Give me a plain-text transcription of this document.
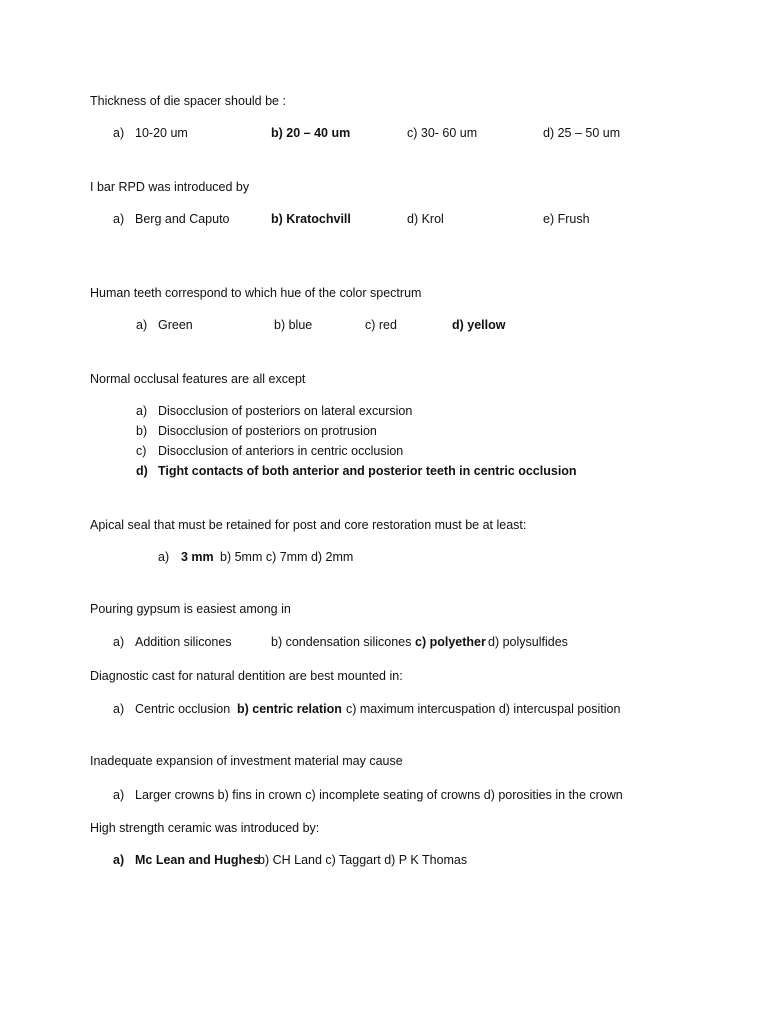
Thickness of die spacer should be :
a) 10-20 um	b) 20 – 40 um	c) 30- 60 um	d) 25 – 50 um
I bar RPD was introduced by
a) Berg and Caputo	b) Kratochvill	d) Krol	e) Frush
Human teeth correspond to which hue of the color spectrum
a) Green	b) blue	c) red	d) yellow
Normal occlusal features are all except
a) Disocclusion of posteriors on lateral excursion
b) Disocclusion of posteriors on protrusion
c) Disocclusion of anteriors in centric occlusion
d) Tight contacts of both anterior and posterior teeth in centric occlusion
Apical seal that must be retained for post and core restoration must be at least:
a) 3 mm b) 5mm c) 7mm d) 2mm
Pouring gypsum is easiest among in
a) Addition silicones	b) condensation silicones c) polyether d) polysulfides
Diagnostic cast for natural dentition are best mounted in:
a) Centric occlusion b) centric relation c) maximum intercuspation d) intercuspal position
Inadequate expansion of investment material may cause
a) Larger crowns b) fins in crown c) incomplete seating of crowns d) porosities in the crown
High strength ceramic was introduced by:
a) Mc Lean and Hughes
b) CH Land c) Taggart d) P K Thomas
